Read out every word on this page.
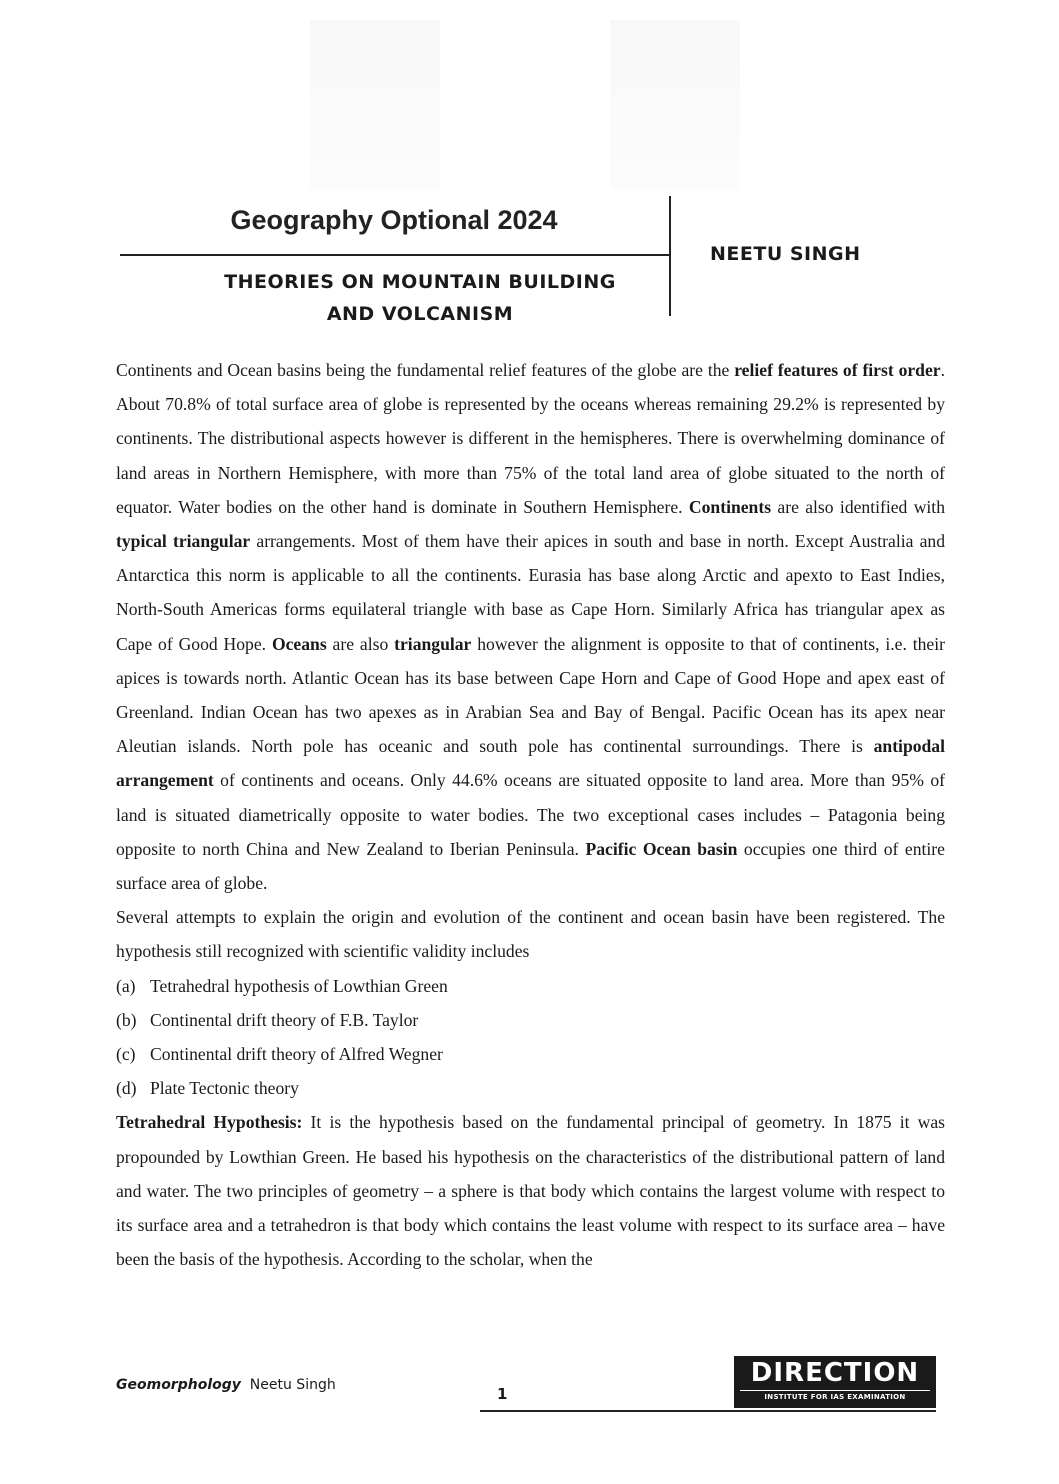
Geography Optional 2024
THEORIES ON MOUNTAIN BUILDING
AND VOLCANISM
NEETU SINGH

Continents and Ocean basins being the fundamental relief features of the globe are the relief features of first order. About 70.8% of total surface area of globe is represented by the oceans whereas remaining 29.2% is represented by continents. The distributional aspects however is different in the hemispheres. There is overwhelming dominance of land areas in Northern Hemisphere, with more than 75% of the total land area of globe situated to the north of equator. Water bodies on the other hand is dominate in Southern Hemisphere. Continents are also identified with typical triangular arrangements. Most of them have their apices in south and base in north. Except Australia and Antarctica this norm is applicable to all the continents. Eurasia has base along Arctic and apexto to East Indies, North-South Americas forms equilateral triangle with base as Cape Horn. Similarly Africa has triangular apex as Cape of Good Hope. Oceans are also triangular however the alignment is opposite to that of continents, i.e. their apices is towards north. Atlantic Ocean has its base between Cape Horn and Cape of Good Hope and apex east of Greenland. Indian Ocean has two apexes as in Arabian Sea and Bay of Bengal. Pacific Ocean has its apex near Aleutian islands. North pole has oceanic and south pole has continental surroundings. There is antipodal arrangement of continents and oceans. Only 44.6% oceans are situated opposite to land area. More than 95% of land is situated diametrically opposite to water bodies. The two exceptional cases includes – Patagonia being opposite to north China and New Zealand to Iberian Peninsula. Pacific Ocean basin occupies one third of entire surface area of globe.

Several attempts to explain the origin and evolution of the continent and ocean basin have been registered. The hypothesis still recognized with scientific validity includes

(a) Tetrahedral hypothesis of Lowthian Green
(b) Continental drift theory of F.B. Taylor
(c) Continental drift theory of Alfred Wegner
(d) Plate Tectonic theory

Tetrahedral Hypothesis: It is the hypothesis based on the fundamental principal of geometry. In 1875 it was propounded by Lowthian Green. He based his hypothesis on the characteristics of the distributional pattern of land and water. The two principles of geometry – a sphere is that body which contains the largest volume with respect to its surface area and a tetrahedron is that body which contains the least volume with respect to its surface area – have been the basis of the hypothesis. According to the scholar, when the

Geomorphology Neetu Singh	1
DIRECTION
INSTITUTE FOR IAS EXAMINATION
